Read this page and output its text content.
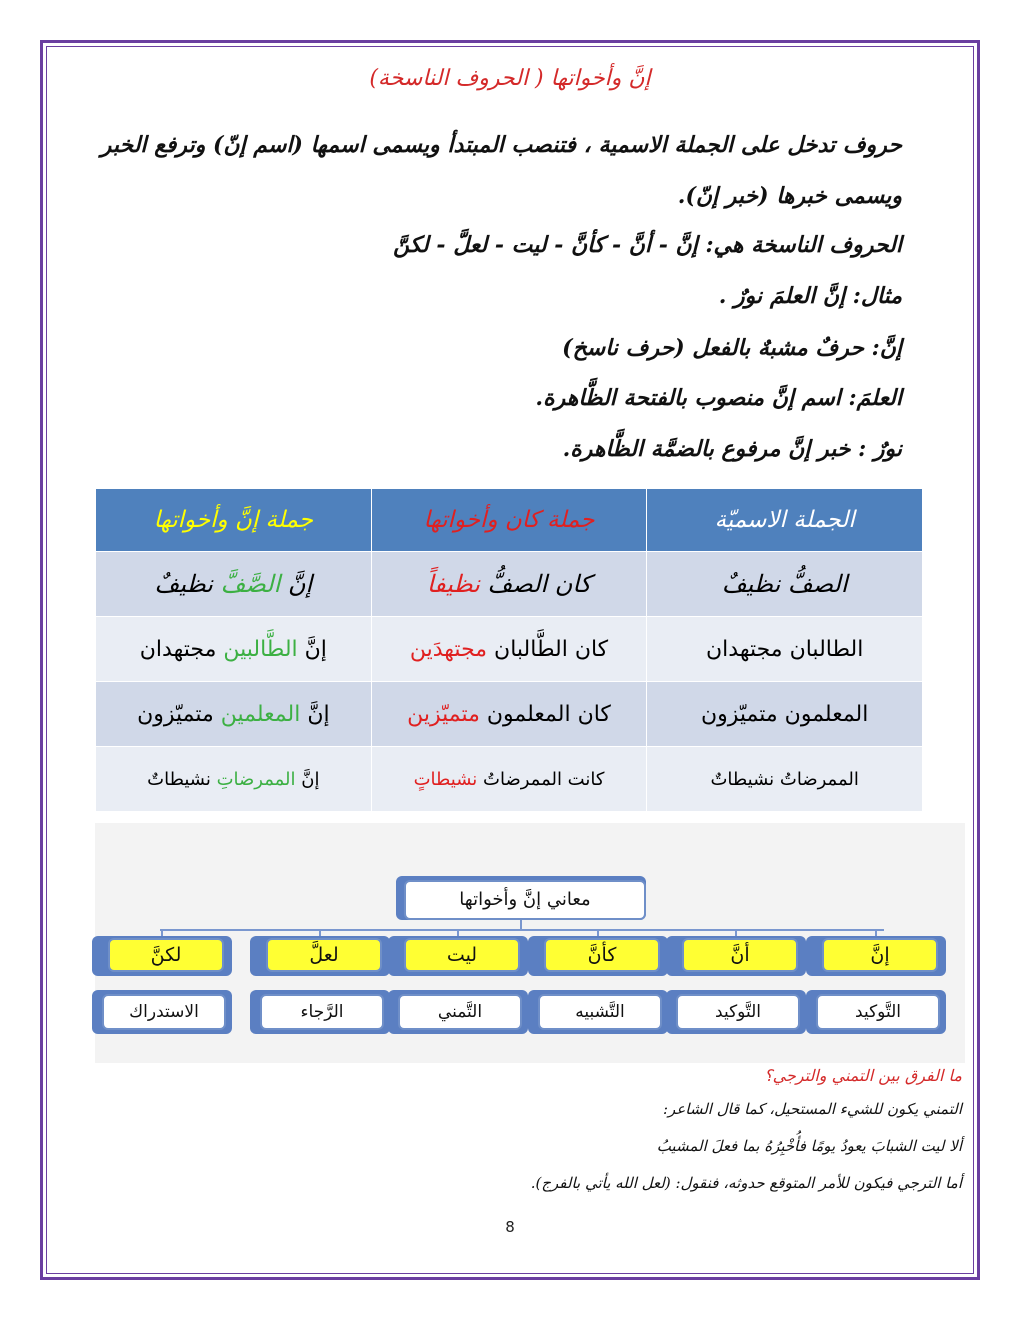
إنَّ وأخواتها ( الحروف الناسخة)
حروف تدخل على الجملة الاسمية ، فتنصب المبتدأ ويسمى اسمها (اسم إنّ) وترفع الخبر
ويسمى خبرها (خبر إنّ).
الحروف الناسخة هي: إنَّ - أنَّ - كأنَّ - ليت - لعلَّ - لكنَّ
مثال: إنَّ العلمَ نورٌ .
إنَّ: حرفٌ مشبهٌ بالفعل (حرف ناسخ)
العلمَ: اسم إنَّ منصوب بالفتحة الظَّاهرة.
نورٌ : خبر إنَّ مرفوع بالضمَّة الظَّاهرة.
الجملة الاسميّة	جملة كان وأخواتها	جملة إنَّ وأخواتها
الصفُّ نظيفٌ	كان الصفُّ نظيفاً	إنَّ الصَّفَّ نظيفٌ
الطالبان مجتهدان	كان الطَّالبان مجتهدَين	إنَّ الطَّالبين مجتهدان
المعلمون متميّزون	كان المعلمون متميّزين	إنَّ المعلمين متميّزون
الممرضاتُ نشيطاتٌ	كانت الممرضاتُ نشيطاتٍ	إنَّ الممرضاتِ نشيطاتٌ
معاني إنَّ وأخواتها
إنَّ
التَّوكيد
أنَّ
التَّوكيد
كأنَّ
التَّشبيه
ليت
التَّمني
لعلَّ
الرَّجاء
لكنَّ
الاستدراك
ما الفرق بين التمني والترجي؟
التمني يكون للشيء المستحيل، كما قال الشاعر:
ألا ليت الشبابَ يعودُ يومًا فأُخْبِرُهُ بما فعلَ المشيبُ
أما الترجي فيكون للأمر المتوقع حدوثه، فنقول: (لعل الله يأتي بالفرج).
8
